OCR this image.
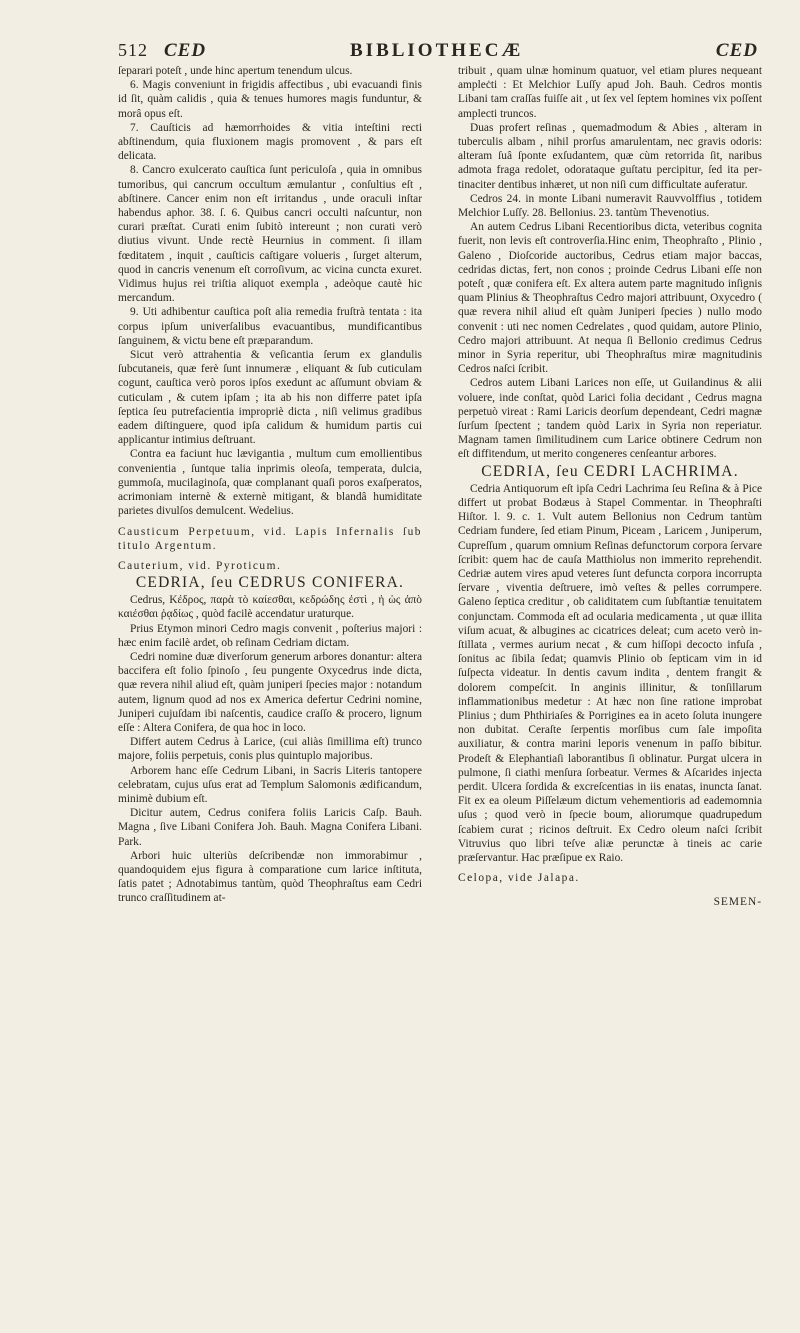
512 CED	BIBLIOTHECÆ	CED

ſeparari poteſt , unde hinc apertum tenendum ulcus.

6. Magis conveniunt in frigidis affectibus , ubi evacuandi finis id ſit, quàm calidis , quia & tenues humores magis funduntur, & morâ opus eſt.

7. Cauſticis ad hæmorrhoides & vitia inteſtini recti abſtinendum, quia fluxionem magis promovent , & pars eſt delicata.

8. Cancro exulcerato cauſtica ſunt periculoſa , quia in omnibus tumoribus, qui cancrum occultum æmulantur , conſultius eſt , abſtinere. Cancer enim non eſt irritandus , unde oraculi inſtar habendus aphor. 38. ſ. 6. Quibus cancri occulti naſcuntur, non curari præſtat. Curati enim ſubitò intereunt ; non curati verò diutius vivunt. Unde rectè Heurnius in comment. ſi illam fœditatem , inquit , cauſticis caſtigare volueris , ſurget alterum, quod in cancris venenum eſt corroſivum, ac vicina cuncta exuret. Vidimus hujus rei triſtia aliquot exempla , adeòque cautè hic mercandum.

9. Uti adhibentur cauſtica poſt alia remedia fruſtrà tentata : ita corpus ipſum univerſalibus evacuantibus, mundificantibus ſanguinem, & victu bene eſt præparandum.

Sicut verò attrahentia & veſicantia ſerum ex glandulis ſubcutaneis, quæ ferè ſunt innumeræ , eliquant & ſub cuticulam cogunt, cauſtica verò poros ipſos exedunt ac aſſumunt obviam & cuticulam , & cutem ipſam ; ita ab his non differre patet ipſa ſeptica ſeu putrefacientia impropriè dicta , niſi velimus gradibus eadem diſtinguere, quod ipſa calidum & humidum partis cui applicantur intimius deſtruant.

Contra ea faciunt huc lævigantia , multum cum emollientibus convenientia , ſuntque talia inprimis oleoſa, temperata, dulcia, gummoſa, mucilaginoſa, quæ complanant quaſi poros exaſperatos, acrimoniam internè & externè mitigant, & blandâ humiditate parietes divulſos demulcent. Wedelius.

Causticum Perpetuum, vid. Lapis Infernalis ſub titulo Argentum.

Cauterium, vid. Pyroticum.

CEDRIA, ſeu CEDRUS CONIFERA.

Cedrus, Κέδρος, παρὰ τὸ καίεσθαι, κεδρώδης ἐστὶ , ἡ ὡς ἀπὸ καιέσθαι ῥᾳδίως , quòd facilè accendatur uraturque.

Prius Etymon minori Cedro magis convenit , poſterius majori : hæc enim facilè ardet, ob reſinam Cedriam dictam.

Cedri nomine duæ diverſorum generum arbores donantur: altera baccifera eſt folio ſpinoſo , ſeu pungente Oxycedrus inde dicta, quæ revera nihil aliud eſt, quàm juniperi ſpecies major : notandum autem, lignum quod ad nos ex America defertur Cedrini nomine, Juniperi cujuſdam ibi naſcentis, caudice craſſo & procero, lignum eſſe : Altera Conifera, de qua hoc in loco.

Differt autem Cedrus à Larice, (cui aliàs ſimillima eſt) trunco majore, foliis perpetuis, conis plus quintuplo majoribus.

Arborem hanc eſſe Cedrum Libani, in Sacris Literis tantopere celebratam, cujus uſus erat ad Templum Salomonis ædificandum, minimè dubium eſt.

Dicitur autem, Cedrus conifera foliis Laricis Caſp. Bauh. Magna , ſive Libani Conifera Joh. Bauh. Magna Conifera Libani. Park.

Arbori huic ulteriùs deſcribendæ non immorabimur , quandoquidem ejus figura à comparatione cum larice inſtituta, ſatis patet ; Adnotabimus tantùm, quòd Theophraſtus eam Cedri trunco craſſitudinem at-

tribuit , quam ulnæ hominum quatuor, vel etiam plures nequeant ampleċti : Et Melchior Luſſy apud Joh. Bauh. Cedros montis Libani tam craſſas fuiſſe ait , ut ſex vel ſeptem homines vix poſſent amplecti truncos.

Duas profert reſinas , quemadmodum & Abies , alteram in tuberculis albam , nihil prorſus amarulentam, nec gravis odoris: alteram ſuâ ſponte exſudantem, quæ cùm retorrida ſit, naribus admota fraga redolet, odorataque guſtatu percipitur, ſed ita pertinaciter dentibus inhæret, ut non niſi cum difficultate auferatur.

Cedros 24. in monte Libani numeravit Rauvvolffius , totidem Melchior Luſſy. 28. Bellonius. 23. tantùm Thevenotius.

An autem Cedrus Libani Recentioribus dicta, veteribus cognita fuerit, non levis eſt controverſia.Hinc enim, Theophraſto , Plinio , Galeno , Dioſcoride auctoribus, Cedrus etiam major baccas, cedridas dictas, fert, non conos ; proinde Cedrus Libani eſſe non poteſt , quæ conifera eſt. Ex altera autem parte magnitudo inſignis quam Plinius & Theophraſtus Cedro majori attribuunt, Oxycedro ( quæ revera nihil aliud eſt quàm Juniperi ſpecies ) nullo modo convenit : uti nec nomen Cedrelates , quod quidam, autore Plinio, Cedro majori attribuunt. At nequa ſi Bellonio credimus Cedrus minor in Syria reperitur, ubi Theophraſtus miræ magnitudinis Cedros naſci ſcribit.

Cedros autem Libani Larices non eſſe, ut Guilandinus & alii voluere, inde conſtat, quòd Larici folia decidant , Cedrus magna perpetuò vireat : Rami Laricis deorſum dependeant, Cedri magnæ ſurſum ſpectent ; tandem quòd Larix in Syria non reperiatur. Magnam tamen ſimilitudinem cum Larice obtinere Cedrum non eſt diffitendum, ut merito congeneres cenſeantur arbores.

CEDRIA, ſeu CEDRI LACHRIMA.

Cedria Antiquorum eſt ipſa Cedri Lachrima ſeu Reſina & à Pice differt ut probat Bodæus à Stapel Commentar. in Theophraſti Hiſtor. l. 9. c. 1. Vult autem Bellonius non Cedrum tantùm Cedriam fundere, ſed etiam Pinum, Piceam , Laricem , Juniperum, Cupreſſum , quarum omnium Reſinas defunctorum corpora ſervare ſcribit: quem hac de cauſa Matthiolus non immerito reprehendit. Cedriæ autem vires apud veteres ſunt defuncta corpora incorrupta ſervare , viventia deſtruere, imò veſtes & pelles corrumpere. Galeno ſeptica creditur , ob caliditatem cum ſubſtantiæ tenuitatem conjunctam. Commoda eſt ad ocularia medicamenta , ut quæ illita viſum acuat, & albugines ac cicatrices deleat; cum aceto verò inſtillata , vermes aurium necat , & cum hiſſopi decocto infuſa , ſonitus ac ſibila ſedat; quamvis Plinio ob ſepticam vim in id ſuſpecta videatur. In dentis cavum indita , dentem frangit & dolorem compeſcit. In anginis illinitur, & tonſillarum inflammationibus medetur : At hæc non ſine ratione improbat Plinius ; dum Phthiriaſes & Porrigines ea in aceto ſoluta inungere non dubitat. Ceraſte ſerpentis morſibus cum ſale impoſita auxiliatur, & contra marini leporis venenum in paſſo bibitur. Prodeſt & Elephantiaſi laborantibus ſi oblinatur. Purgat ulcera in pulmone, ſi ciathi menſura ſorbeatur. Vermes & Aſcarides injecta perdit. Ulcera ſordida & excreſcentias in iis enatas, inuncta ſanat. Fit ex ea oleum Piſſelæum dictum vehementioris ad eademomnia uſus ; quod verò in ſpecie boum, aliorumque quadrupedum ſcabiem curat ; ricinos deſtruit. Ex Cedro oleum naſci ſcribit Vitruvius quo libri teſve aliæ perunctæ à tineis ac carie præſervantur. Hac præſipue ex Raio.

Celopa, vide Jalapa.

SEMEN-
